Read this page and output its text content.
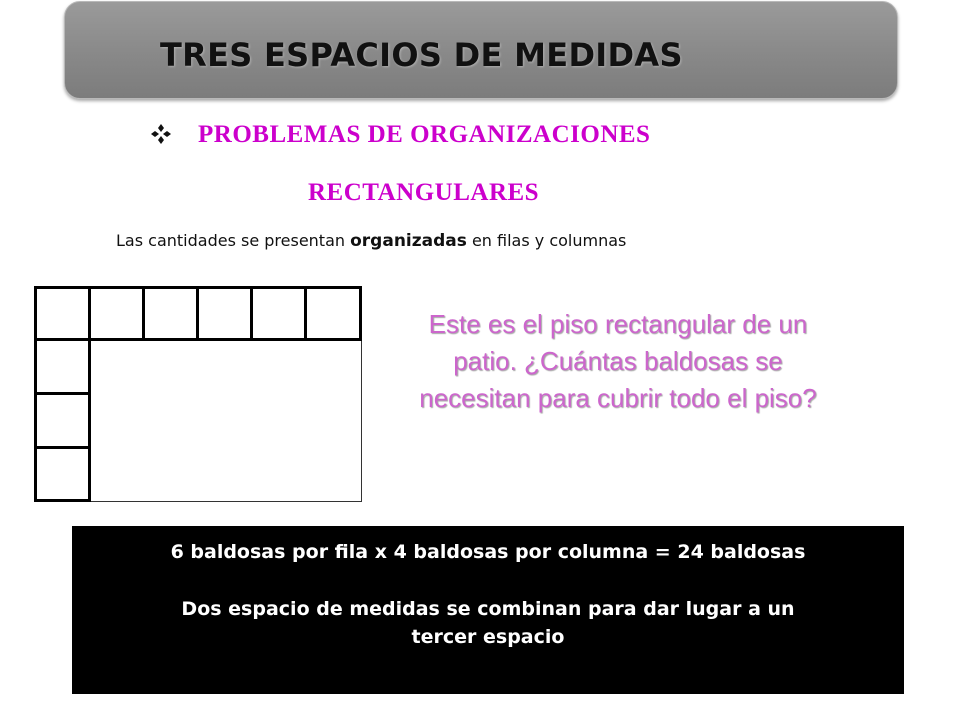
TRES ESPACIOS DE MEDIDAS
PROBLEMAS DE ORGANIZACIONES
RECTANGULARES
Las cantidades se presentan organizadas en filas y columnas
Este es el piso rectangular de un patio. ¿Cuántas baldosas se necesitan para cubrir todo el piso?
6 baldosas por fila x 4 baldosas por columna = 24 baldosas
Dos espacio de medidas se combinan para dar lugar a un
tercer espacio
